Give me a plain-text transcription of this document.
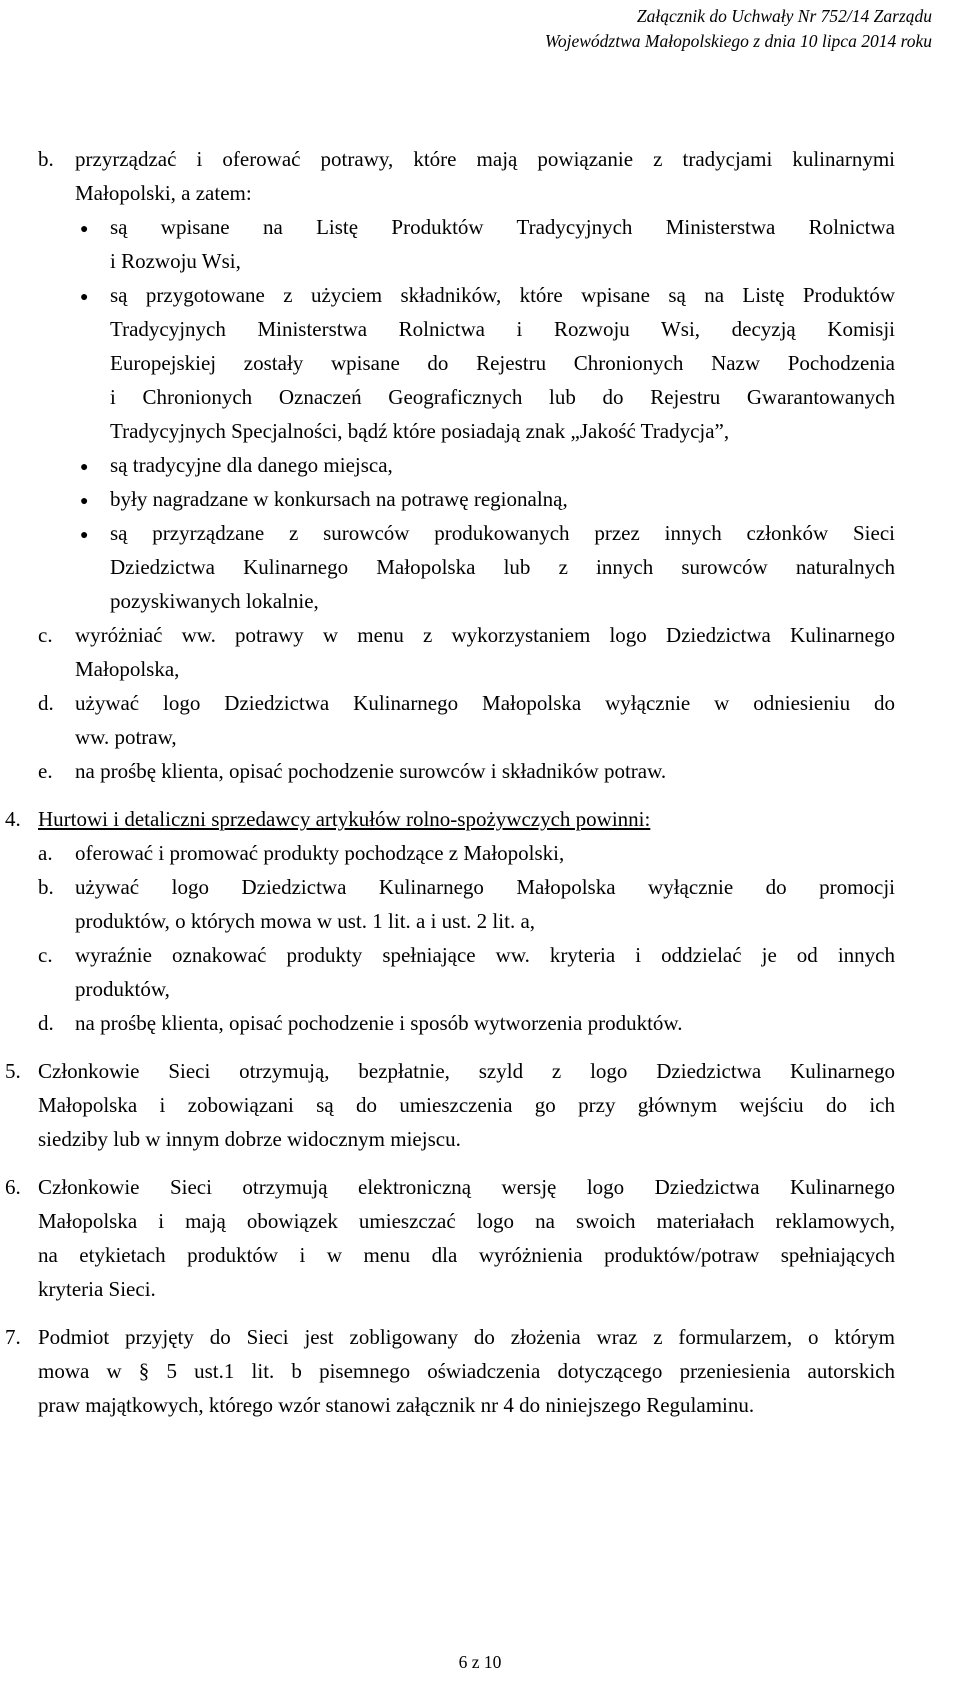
Załącznik do Uchwały Nr 752/14 Zarządu
Województwa Małopolskiego z dnia 10 lipca 2014 roku
b. przyrządzać i oferować potrawy, które mają powiązanie z tradycjami kulinarnymi
Małopolski, a zatem:
● są wpisane na Listę Produktów Tradycyjnych Ministerstwa Rolnictwa
i Rozwoju Wsi,
● są przygotowane z użyciem składników, które wpisane są na Listę Produktów
Tradycyjnych Ministerstwa Rolnictwa i Rozwoju Wsi, decyzją Komisji
Europejskiej zostały wpisane do Rejestru Chronionych Nazw Pochodzenia
i Chronionych Oznaczeń Geograficznych lub do Rejestru Gwarantowanych
Tradycyjnych Specjalności, bądź które posiadają znak „Jakość Tradycja”,
● są tradycyjne dla danego miejsca,
● były nagradzane w konkursach na potrawę regionalną,
● są przyrządzane z surowców produkowanych przez innych członków Sieci
Dziedzictwa Kulinarnego Małopolska lub z innych surowców naturalnych
pozyskiwanych lokalnie,
c. wyróżniać ww. potrawy w menu z wykorzystaniem logo Dziedzictwa Kulinarnego
Małopolska,
d. używać logo Dziedzictwa Kulinarnego Małopolska wyłącznie w odniesieniu do
ww. potraw,
e. na prośbę klienta, opisać pochodzenie surowców i składników potraw.
4. Hurtowi i detaliczni sprzedawcy artykułów rolno-spożywczych powinni:
a. oferować i promować produkty pochodzące z Małopolski,
b. używać logo Dziedzictwa Kulinarnego Małopolska wyłącznie do promocji
produktów, o których mowa w ust. 1 lit. a i ust. 2 lit. a,
c. wyraźnie oznakować produkty spełniające ww. kryteria i oddzielać je od innych
produktów,
d. na prośbę klienta, opisać pochodzenie i sposób wytworzenia produktów.
5. Członkowie Sieci otrzymują, bezpłatnie, szyld z logo Dziedzictwa Kulinarnego
Małopolska i zobowiązani są do umieszczenia go przy głównym wejściu do ich
siedziby lub w innym dobrze widocznym miejscu.
6. Członkowie Sieci otrzymują elektroniczną wersję logo Dziedzictwa Kulinarnego
Małopolska i mają obowiązek umieszczać logo na swoich materiałach reklamowych,
na etykietach produktów i w menu dla wyróżnienia produktów/potraw spełniających
kryteria Sieci.
7. Podmiot przyjęty do Sieci jest zobligowany do złożenia wraz z formularzem, o którym
mowa w § 5 ust.1 lit. b pisemnego oświadczenia dotyczącego przeniesienia autorskich
praw majątkowych, którego wzór stanowi załącznik nr 4 do niniejszego Regulaminu.
6 z 10
